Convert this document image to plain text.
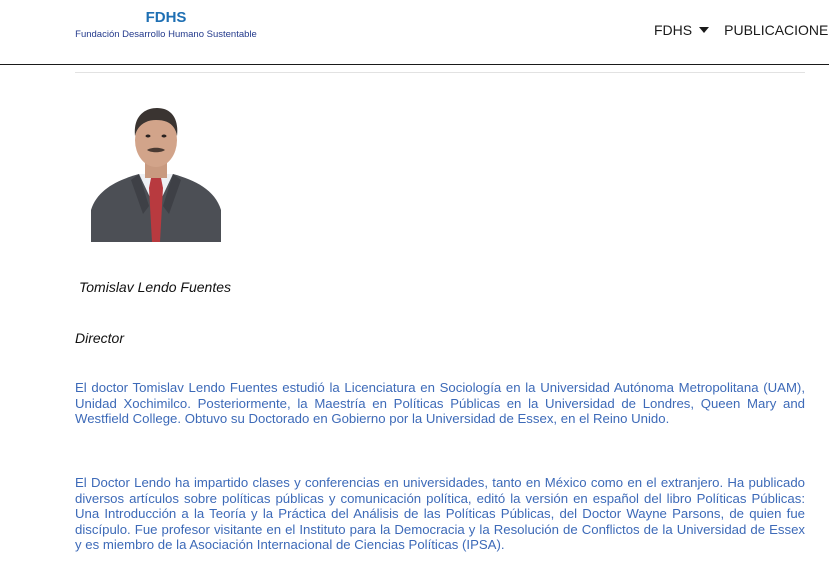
FDHS
Fundación Desarrollo Humano Sustentable	FDHS PUBLICACIONE
Tomislav Lendo Fuentes
Director

El doctor Tomislav Lendo Fuentes estudió la Licenciatura en Sociología en la Universidad Autónoma Metropolitana (UAM), Unidad Xochimilco. Posteriormente, la Maestría en Políticas Públicas en la Universidad de Londres, Queen Mary and Westfield College. Obtuvo su Doctorado en Gobierno por la Universidad de Essex, en el Reino Unido.

El Doctor Lendo ha impartido clases y conferencias en universidades, tanto en México como en el extranjero. Ha publicado diversos artículos sobre políticas públicas y comunicación política, editó la versión en español del libro Políticas Públicas: Una Introducción a la Teoría y la Práctica del Análisis de las Políticas Públicas, del Doctor Wayne Parsons, de quien fue discípulo. Fue profesor visitante en el Instituto para la Democracia y la Resolución de Conflictos de la Universidad de Essex y es miembro de la Asociación Internacional de Ciencias Políticas (IPSA).
